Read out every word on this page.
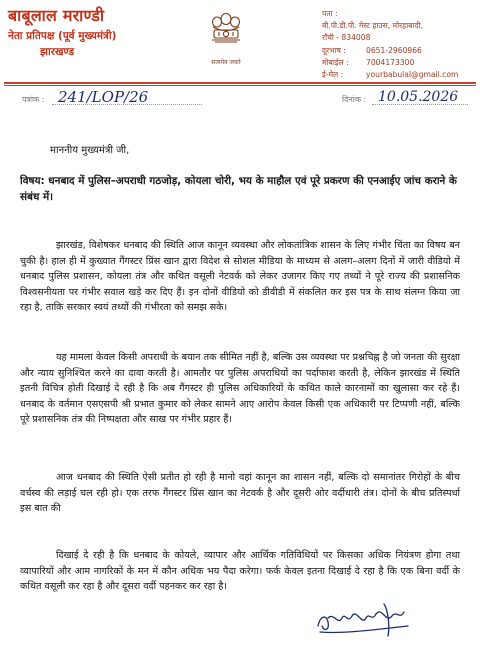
बाबूलाल मराण्डी
नेता प्रतिपक्ष (पूर्व मुख्यमंत्री)
झारखण्ड
सत्यमेव जयते
पता :
बी.पी.डी.पी. गेस्ट हाउस, मोरहाबादी,
राँची - 834008
दूरभाष :	0651-2960966
मोबाईल : 7004173300
ई-मेल :	yourbabulal@gmail.com
पत्रांक : 241/LOP/26	दिनांक : 10.05.2026
माननीय मुख्यमंत्री जी,
विषय: धनबाद में पुलिस–अपराधी गठजोड़, कोयला चोरी, भय के माहौल एवं पूरे प्रकरण की एनआईए जांच कराने के संबंध में।
झारखंड, विशेषकर धनबाद की स्थिति आज कानून व्यवस्था और लोकतांत्रिक शासन के लिए गंभीर चिंता का विषय बन चुकी है। हाल ही में कुख्यात गैंगस्टर प्रिंस खान द्वारा विदेश से सोशल मीडिया के माध्यम से अलग–अलग दिनों में जारी वीडियो में धनबाद पुलिस प्रशासन, कोयला तंत्र और कथित वसूली नेटवर्क को लेकर उजागर किए गए तथ्यों ने पूरे राज्य की प्रशासनिक विश्वसनीयता पर गंभीर सवाल खड़े कर दिए हैं। इन दोनों वीडियो को डीवीडी में संकलित कर इस पत्र के साथ संलग्न किया जा रहा है, ताकि सरकार स्वयं तथ्यों की गंभीरता को समझ सके।
यह मामला केवल किसी अपराधी के बयान तक सीमित नहीं है, बल्कि उस व्यवस्था पर प्रश्नचिह्न है जो जनता की सुरक्षा और न्याय सुनिश्चित करने का दावा करती है। आमतौर पर पुलिस अपराधियों का पर्दाफाश करती है, लेकिन झारखंड में स्थिति इतनी विचित्र होती दिखाई दे रही है कि अब गैंगस्टर ही पुलिस अधिकारियों के कथित काले कारनामों का खुलासा कर रहे हैं। धनबाद के वर्तमान एसएसपी श्री प्रभात कुमार को लेकर सामने आए आरोप केवल किसी एक अधिकारी पर टिप्पणी नहीं, बल्कि पूरे प्रशासनिक तंत्र की निष्पक्षता और साख पर गंभीर प्रहार हैं।
आज धनबाद की स्थिति ऐसी प्रतीत हो रही है मानो वहां कानून का शासन नहीं, बल्कि दो समानांतर गिरोहों के बीच वर्चस्व की लड़ाई चल रही हो। एक तरफ गैंगस्टर प्रिंस खान का नेटवर्क है और दूसरी ओर वर्दीधारी तंत्र। दोनों के बीच प्रतिस्पर्धा इस बात की
दिखाई दे रही है कि धनबाद के कोयले, व्यापार और आर्थिक गतिविधियों पर किसका अधिक नियंत्रण होगा तथा व्यापारियों और आम नागरिकों के मन में कौन अधिक भय पैदा करेगा। फर्क केवल इतना दिखाई दे रहा है कि एक बिना वर्दी के कथित वसूली कर रहा है और दूसरा वर्दी पहनकर कर रहा है।
